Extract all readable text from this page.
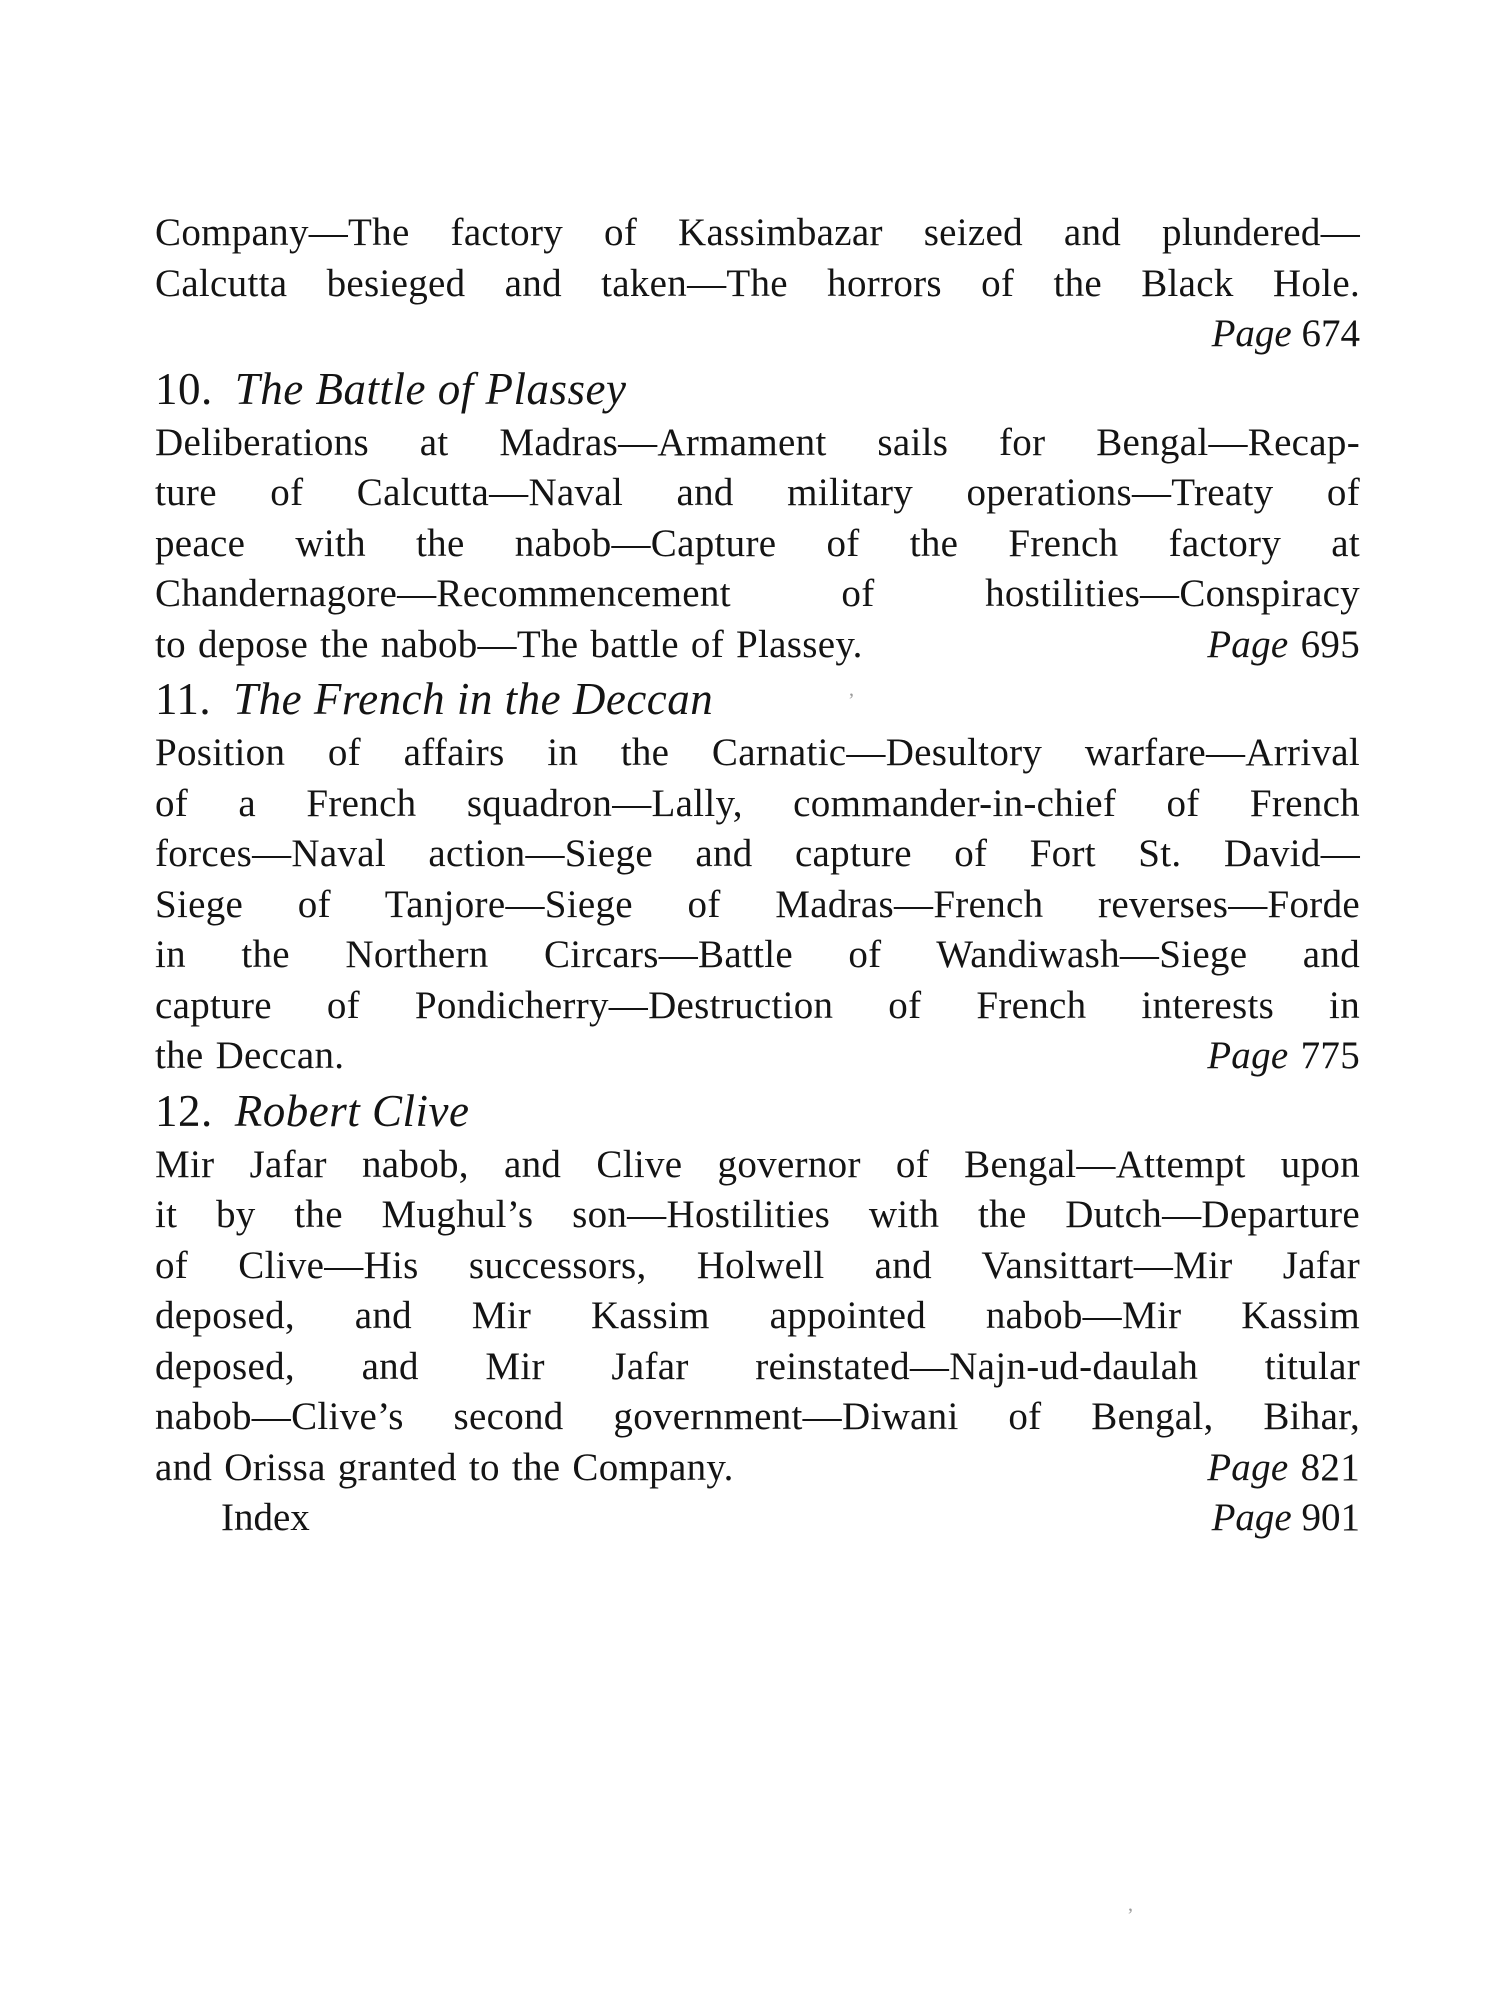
Company—The factory of Kassimbazar seized and plundered—
Calcutta besieged and taken—The horrors of the Black Hole.
Page 674
10. The Battle of Plassey
Deliberations at Madras—Armament sails for Bengal—Recap-
ture of Calcutta—Naval and military operations—Treaty of
peace with the nabob—Capture of the French factory at
Chandernagore—Recommencement of hostilities—Conspiracy
to depose the nabob—The battle of Plassey.	Page 695
11. The French in the Deccan
Position of affairs in the Carnatic—Desultory warfare—Arrival
of a French squadron—Lally, commander-in-chief of French
forces—Naval action—Siege and capture of Fort St. David—
Siege of Tanjore—Siege of Madras—French reverses—Forde
in the Northern Circars—Battle of Wandiwash—Siege and
capture of Pondicherry—Destruction of French interests in
the Deccan.	Page 775
12. Robert Clive
Mir Jafar nabob, and Clive governor of Bengal—Attempt upon
it by the Mughul’s son—Hostilities with the Dutch—Departure
of Clive—His successors, Holwell and Vansittart—Mir Jafar
deposed, and Mir Kassim appointed nabob—Mir Kassim
deposed, and Mir Jafar reinstated—Najn-ud-daulah titular
nabob—Clive’s second government—Diwani of Bengal, Bihar,
and Orissa granted to the Company.	Page 821
Index	Page 901
ʼ
ʼ
